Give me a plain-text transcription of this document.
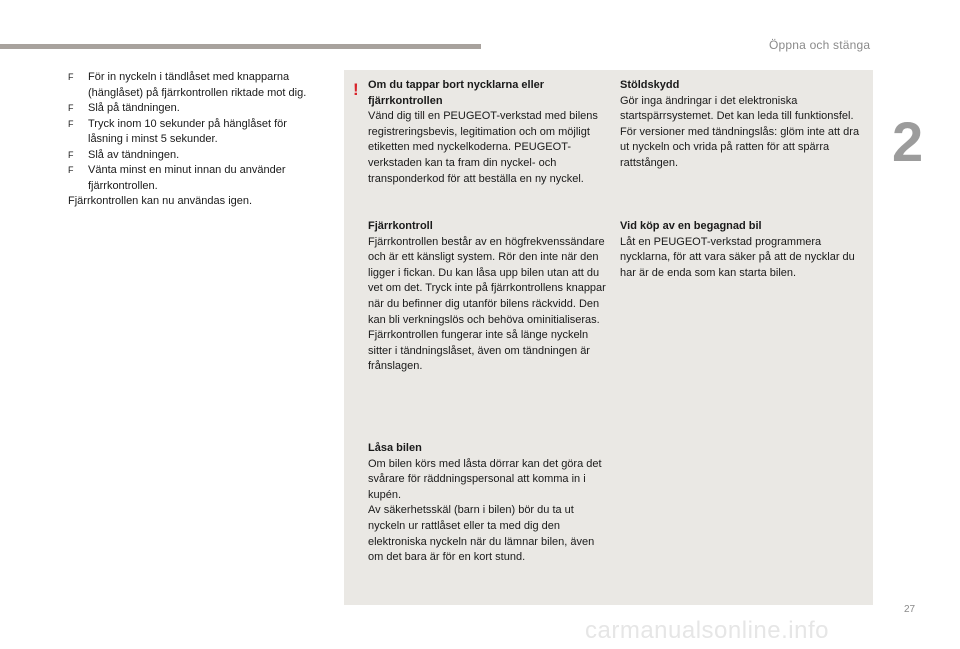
Öppna och stänga
2
F För in nyckeln i tändlåset med knapparna (hänglåset) på fjärrkontrollen riktade mot dig.
F Slå på tändningen.
F Tryck inom 10 sekunder på hänglåset för låsning i minst 5 sekunder.
F Slå av tändningen.
F Vänta minst en minut innan du använder fjärrkontrollen.

Fjärrkontrollen kan nu användas igen.

! Om du tappar bort nycklarna eller fjärrkontrollen

Vänd dig till en PEUGEOT-verkstad med bilens registreringsbevis, legitimation och om möjligt etiketten med nyckelkoderna. PEUGEOT-verkstaden kan ta fram din nyckel- och transponderkod för att beställa en ny nyckel.

Fjärrkontroll

Fjärrkontrollen består av en högfrekvenssändare och är ett känsligt system. Rör den inte när den ligger i fickan. Du kan låsa upp bilen utan att du vet om det. Tryck inte på fjärrkontrollens knappar när du befinner dig utanför bilens räckvidd. Den kan bli verkningslös och behöva ominitialiseras. Fjärrkontrollen fungerar inte så länge nyckeln sitter i tändningslåset, även om tändningen är frånslagen.

Låsa bilen

Om bilen körs med låsta dörrar kan det göra det svårare för räddningspersonal att komma in i kupén.

Av säkerhetsskäl (barn i bilen) bör du ta ut nyckeln ur rattlåset eller ta med dig den elektroniska nyckeln när du lämnar bilen, även om det bara är för en kort stund.

Stöldskydd

Gör inga ändringar i det elektroniska startspärrsystemet. Det kan leda till funktionsfel.

För versioner med tändningslås: glöm inte att dra ut nyckeln och vrida på ratten för att spärra rattstången.

Vid köp av en begagnad bil

Låt en PEUGEOT-verkstad programmera nycklarna, för att vara säker på att de nycklar du har är de enda som kan starta bilen.

27
carmanualsonline.info
